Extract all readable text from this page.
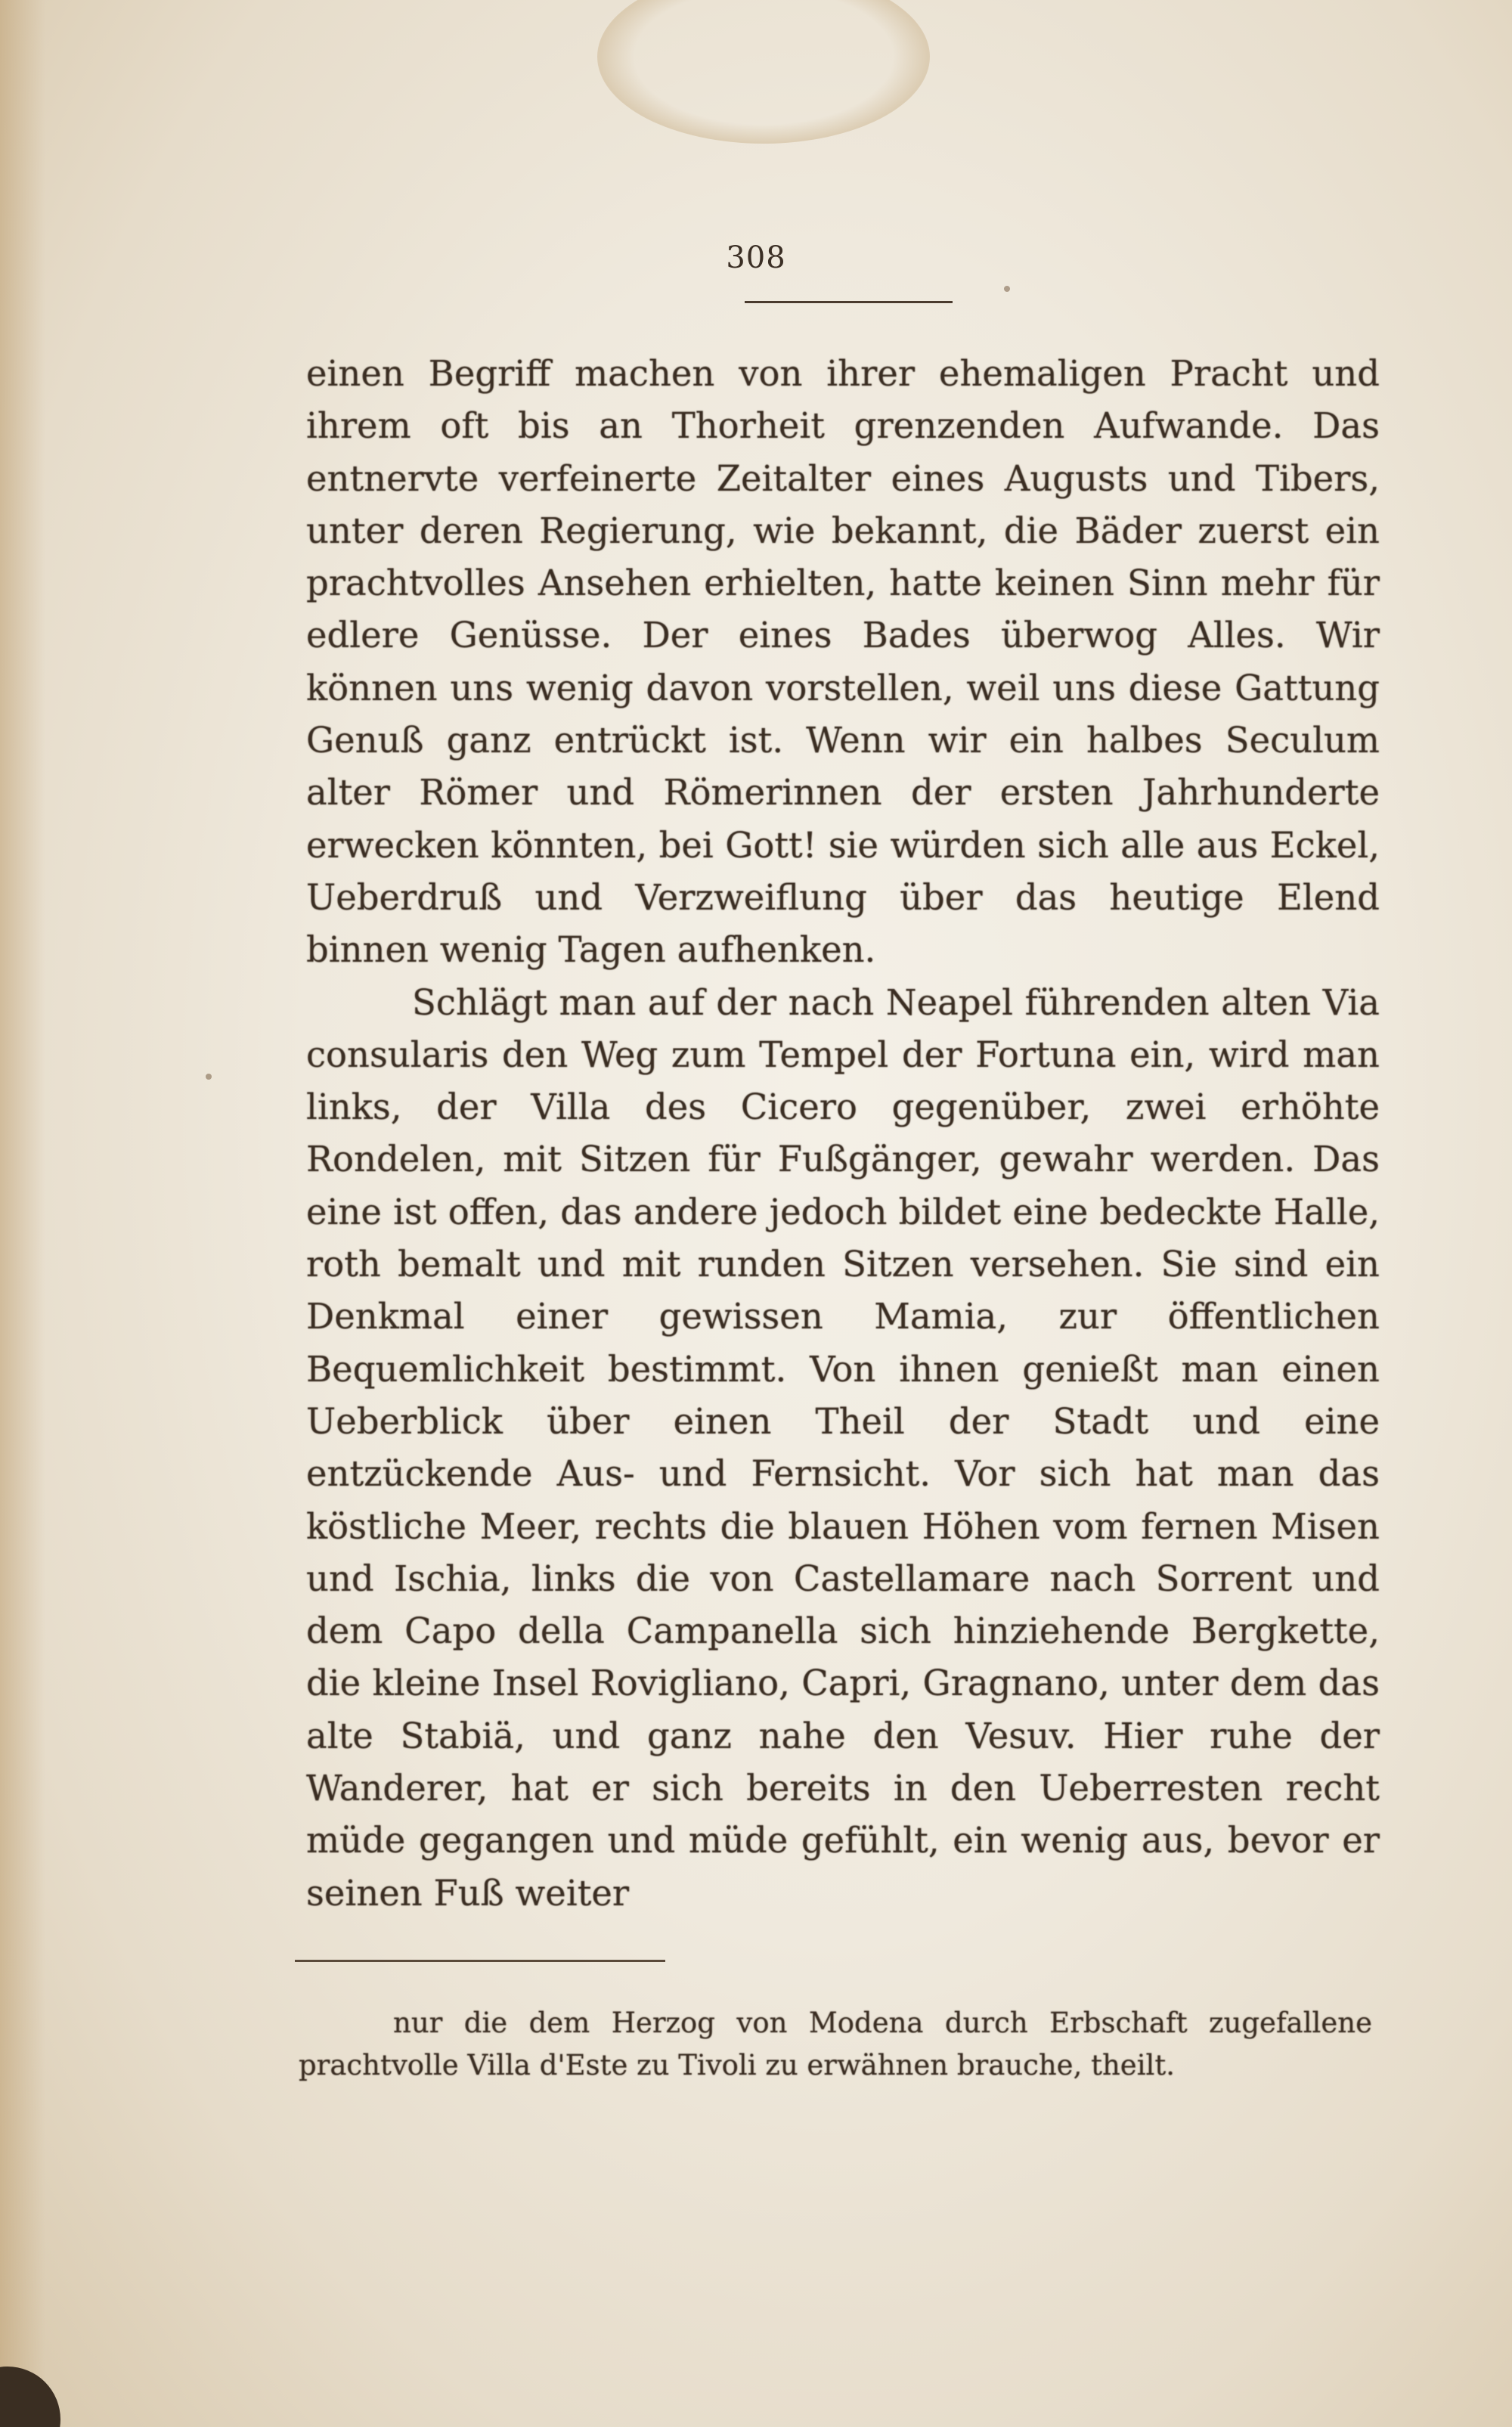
308

einen Begriff machen von ihrer ehemaligen Pracht und ihrem oft bis an Thorheit grenzenden Aufwande. Das entnervte verfeinerte Zeitalter eines Augusts und Tibers, unter deren Regierung, wie bekannt, die Bäder zuerst ein prachtvolles Ansehen erhielten, hatte keinen Sinn mehr für edlere Genüsse. Der eines Bades überwog Alles. Wir können uns wenig davon vorstellen, weil uns diese Gattung Genuß ganz entrückt ist. Wenn wir ein halbes Seculum alter Römer und Römerinnen der ersten Jahrhunderte erwecken könnten, bei Gott! sie würden sich alle aus Eckel, Ueberdruß und Verzweiflung über das heutige Elend binnen wenig Tagen aufhenken.

Schlägt man auf der nach Neapel führenden alten Via consularis den Weg zum Tempel der Fortuna ein, wird man links, der Villa des Cicero gegenüber, zwei erhöhte Rondelen, mit Sitzen für Fußgänger, gewahr werden. Das eine ist offen, das andere jedoch bildet eine bedeckte Halle, roth bemalt und mit runden Sitzen versehen. Sie sind ein Denkmal einer gewissen Mamia, zur öffentlichen Bequemlichkeit bestimmt. Von ihnen genießt man einen Ueberblick über einen Theil der Stadt und eine entzückende Aus- und Fernsicht. Vor sich hat man das köstliche Meer, rechts die blauen Höhen vom fernen Misen und Ischia, links die von Castellamare nach Sorrent und dem Capo della Campanella sich hinziehende Bergkette, die kleine Insel Rovigliano, Capri, Gragnano, unter dem das alte Stabiä, und ganz nahe den Vesuv. Hier ruhe der Wanderer, hat er sich bereits in den Ueberresten recht müde gegangen und müde gefühlt, ein wenig aus, bevor er seinen Fuß weiter

nur die dem Herzog von Modena durch Erbschaft zugefallene prachtvolle Villa d'Este zu Tivoli zu erwähnen brauche, theilt.
